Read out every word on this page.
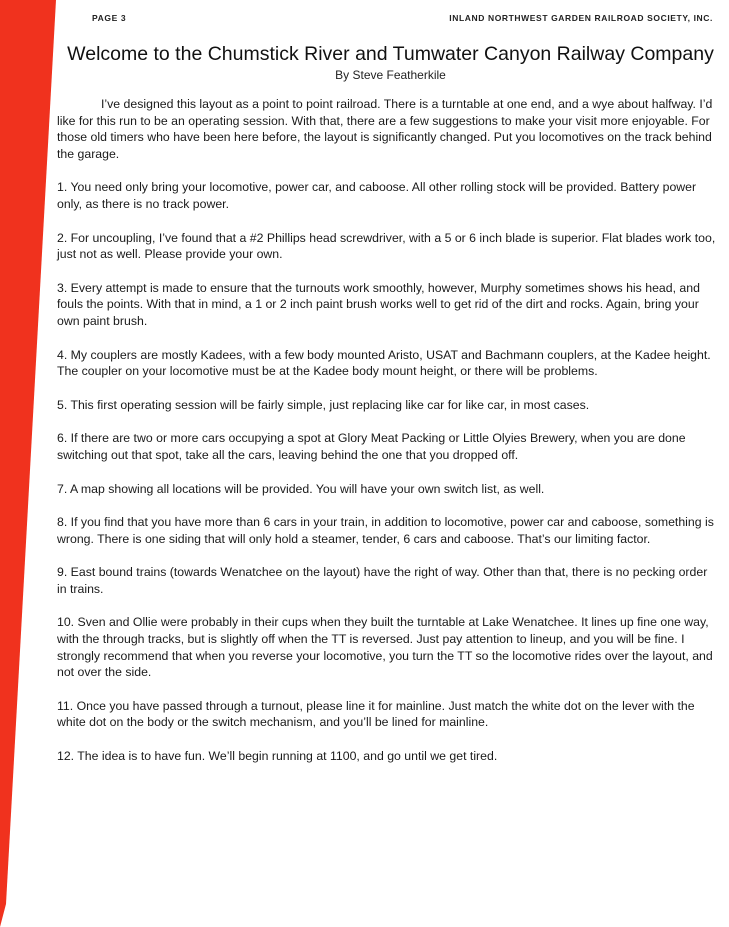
PAGE 3	INLAND NORTHWEST GARDEN RAILROAD SOCIETY, INC.
Welcome to the Chumstick River and Tumwater Canyon Railway Company
By Steve Featherkile

I’ve designed this layout as a point to point railroad. There is a turntable at one end, and a wye about halfway. I’d like for this run to be an operating session. With that, there are a few suggestions to make your visit more enjoyable. For those old timers who have been here before, the layout is significantly changed. Put you locomotives on the track behind the garage.

1. You need only bring your locomotive, power car, and caboose. All other rolling stock will be provided. Battery power only, as there is no track power.

2. For uncoupling, I’ve found that a #2 Phillips head screwdriver, with a 5 or 6 inch blade is superior. Flat blades work too, just not as well. Please provide your own.

3. Every attempt is made to ensure that the turnouts work smoothly, however, Murphy sometimes shows his head, and fouls the points. With that in mind, a 1 or 2 inch paint brush works well to get rid of the dirt and rocks. Again, bring your own paint brush.

4. My couplers are mostly Kadees, with a few body mounted Aristo, USAT and Bachmann couplers, at the Kadee height. The coupler on your locomotive must be at the Kadee body mount height, or there will be problems.

5. This first operating session will be fairly simple, just replacing like car for like car, in most cases.

6. If there are two or more cars occupying a spot at Glory Meat Packing or Little Olyies Brewery, when you are done switching out that spot, take all the cars, leaving behind the one that you dropped off.

7. A map showing all locations will be provided. You will have your own switch list, as well.

8. If you find that you have more than 6 cars in your train, in addition to locomotive, power car and caboose, something is wrong. There is one siding that will only hold a steamer, tender, 6 cars and caboose. That’s our limiting factor.

9. East bound trains (towards Wenatchee on the layout) have the right of way. Other than that, there is no pecking order in trains.

10. Sven and Ollie were probably in their cups when they built the turntable at Lake Wenatchee. It lines up fine one way, with the through tracks, but is slightly off when the TT is reversed. Just pay attention to lineup, and you will be fine. I strongly recommend that when you reverse your locomotive, you turn the TT so the locomotive rides over the layout, and not over the side.

11. Once you have passed through a turnout, please line it for mainline. Just match the white dot on the lever with the white dot on the body or the switch mechanism, and you’ll be lined for mainline.

12. The idea is to have fun. We’ll begin running at 1100, and go until we get tired.
